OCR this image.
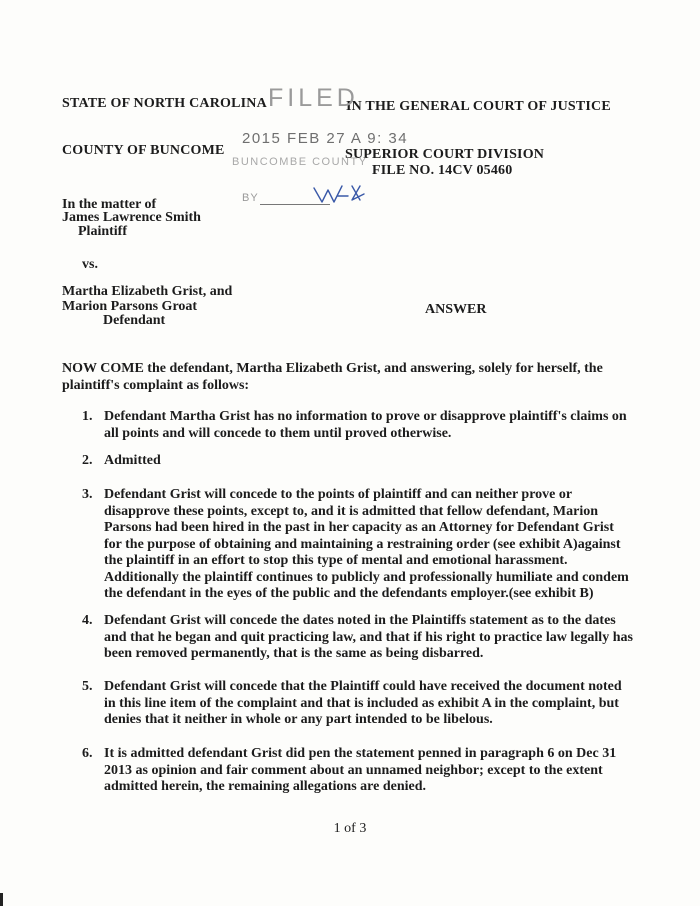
STATE OF NORTH CAROLINA	IN THE GENERAL COURT OF JUSTICE
COUNTY OF BUNCOME	SUPERIOR COURT DIVISION
FILE NO. 14CV 05460
FILED
2015 FEB 27 A 9: 34
BUNCOMBE COUNTY
BY
In the matter of
James Lawrence Smith
Plaintiff
vs.
Martha Elizabeth Grist, and
Marion Parsons Groat
Defendant
ANSWER
NOW COME the defendant, Martha Elizabeth Grist, and answering, solely for herself, the plaintiff's complaint as follows:
1. Defendant Martha Grist has no information to prove or disapprove plaintiff's claims on all points and will concede to them until proved otherwise.
2. Admitted
3. Defendant Grist will concede to the points of plaintiff and can neither prove or disapprove these points, except to, and it is admitted that fellow defendant, Marion Parsons had been hired in the past in her capacity as an Attorney for Defendant Grist for the purpose of obtaining and maintaining a restraining order (see exhibit A)against the plaintiff in an effort to stop this type of mental and emotional harassment. Additionally the plaintiff continues to publicly and professionally humiliate and condem the defendant in the eyes of the public and the defendants employer.(see exhibit B)
4. Defendant Grist will concede the dates noted in the Plaintiffs statement as to the dates and that he began and quit practicing law, and that if his right to practice law legally has been removed permanently, that is the same as being disbarred.
5. Defendant Grist will concede that the Plaintiff could have received the document noted in this line item of the complaint and that is included as exhibit A in the complaint, but denies that it neither in whole or any part intended to be libelous.
6. It is admitted defendant Grist did pen the statement penned in paragraph 6 on Dec 31 2013 as opinion and fair comment about an unnamed neighbor; except to the extent admitted herein, the remaining allegations are denied.
1 of 3
